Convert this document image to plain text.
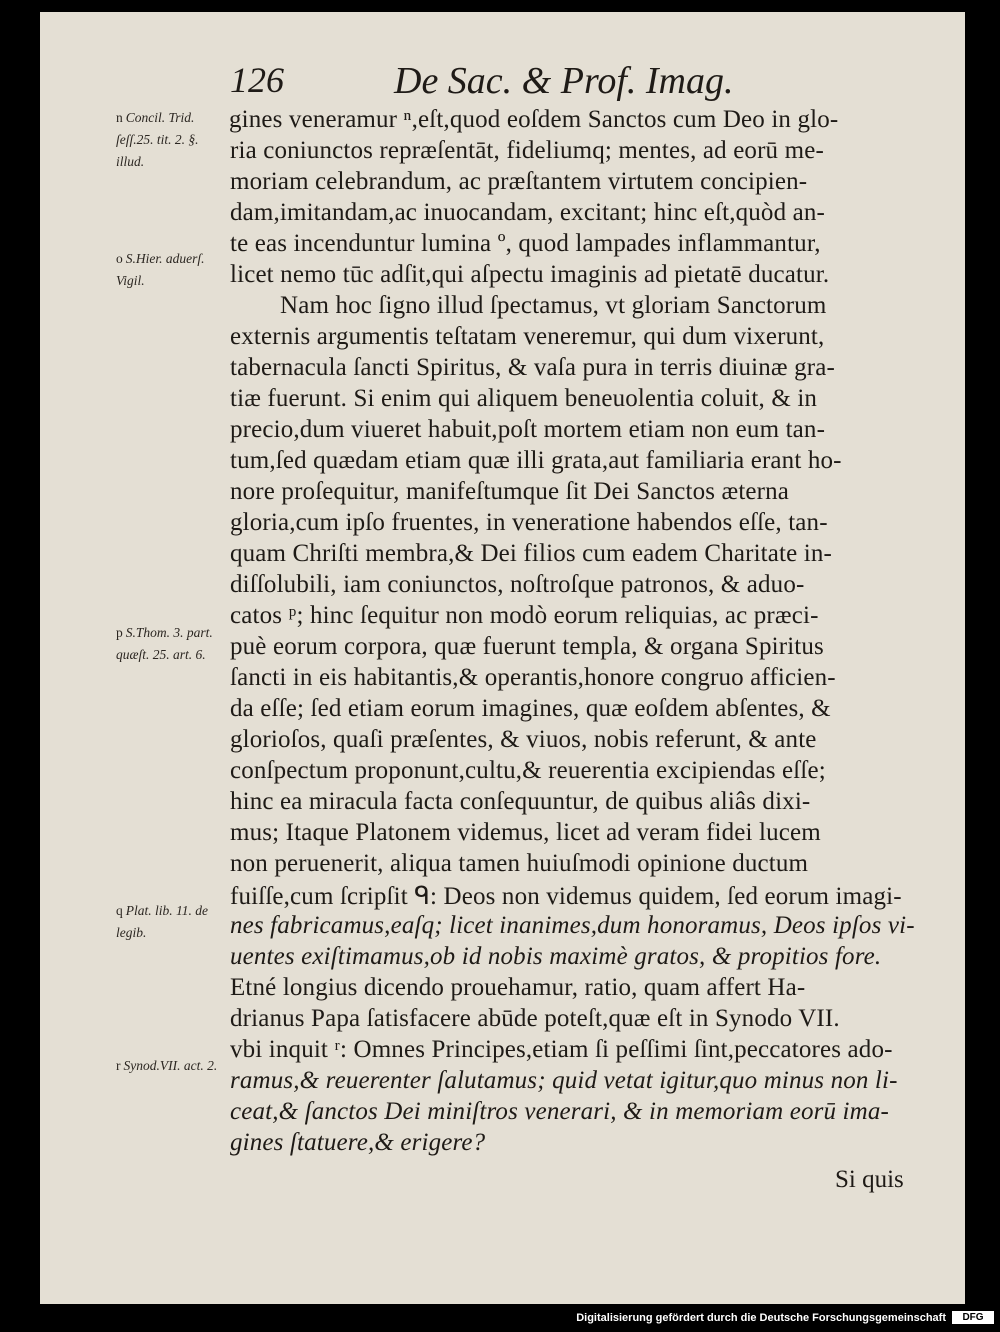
126	De Sac. & Prof. Imag.
n Concil. Trid. ſeſſ.25. tit. 2. §. illud.
o S.Hier. aduerſ. Vigil.
p S.Thom. 3. part. quæſt. 25. art. 6.
q Plat. lib. 11. de legib.
r Synod.VII. act. 2.
gines veneramur ⁿ,eſt,quod eoſdem Sanctos cum Deo in glo-
ria coniunctos repræſentāt, fideliumq; mentes, ad eorū me-
moriam celebrandum, ac præſtantem virtutem concipien-
dam,imitandam,ac inuocandam, excitant; hinc eſt,quòd an-
te eas incenduntur lumina º, quod lampades inflammantur,
licet nemo tūc adſit,qui aſpectu imaginis ad pietatē ducatur.
Nam hoc ſigno illud ſpectamus, vt gloriam Sanctorum
externis argumentis teſtatam veneremur, qui dum vixerunt,
tabernacula ſancti Spiritus, & vaſa pura in terris diuinæ gra-
tiæ fuerunt. Si enim qui aliquem beneuolentia coluit, & in
precio,dum viueret habuit,poſt mortem etiam non eum tan-
tum,ſed quædam etiam quæ illi grata,aut familiaria erant ho-
nore proſequitur, manifeſtumque ſit Dei Sanctos æterna
gloria,cum ipſo fruentes, in veneratione habendos eſſe, tan-
quam Chriſti membra,& Dei filios cum eadem Charitate in-
diſſolubili, iam coniunctos, noſtroſque patronos, & aduo-
catos ᵖ; hinc ſequitur non modò eorum reliquias, ac præci-
puè eorum corpora, quæ fuerunt templa, & organa Spiritus
ſancti in eis habitantis,& operantis,honore congruo afficien-
da eſſe; ſed etiam eorum imagines, quæ eoſdem abſentes, &
glorioſos, quaſi præſentes, & viuos, nobis referunt, & ante
conſpectum proponunt,cultu,& reuerentia excipiendas eſſe;
hinc ea miracula facta conſequuntur, de quibus aliâs dixi-
mus; Itaque Platonem videmus, licet ad veram fidei lucem
non peruenerit, aliqua tamen huiuſmodi opinione ductum
fuiſſe,cum ſcripſit ᑫ: Deos non videmus quidem, ſed eorum imagi-
nes fabricamus,eaſq; licet inanimes,dum honoramus, Deos ipſos vi-
uentes exiſtimamus,ob id nobis maximè gratos, & propitios fore.
Etné longius dicendo prouehamur, ratio, quam affert Ha-
drianus Papa ſatisfacere abūde poteſt,quæ eſt in Synodo VII.
vbi inquit ʳ: Omnes Principes,etiam ſi peſſimi ſint,peccatores ado-
ramus,& reuerenter ſalutamus; quid vetat igitur,quo minus non li-
ceat,& ſanctos Dei miniſtros venerari, & in memoriam eorū ima-
gines ſtatuere,& erigere?
Si quis
Digitalisierung gefördert durch die Deutsche Forschungsgemeinschaft	DFG
